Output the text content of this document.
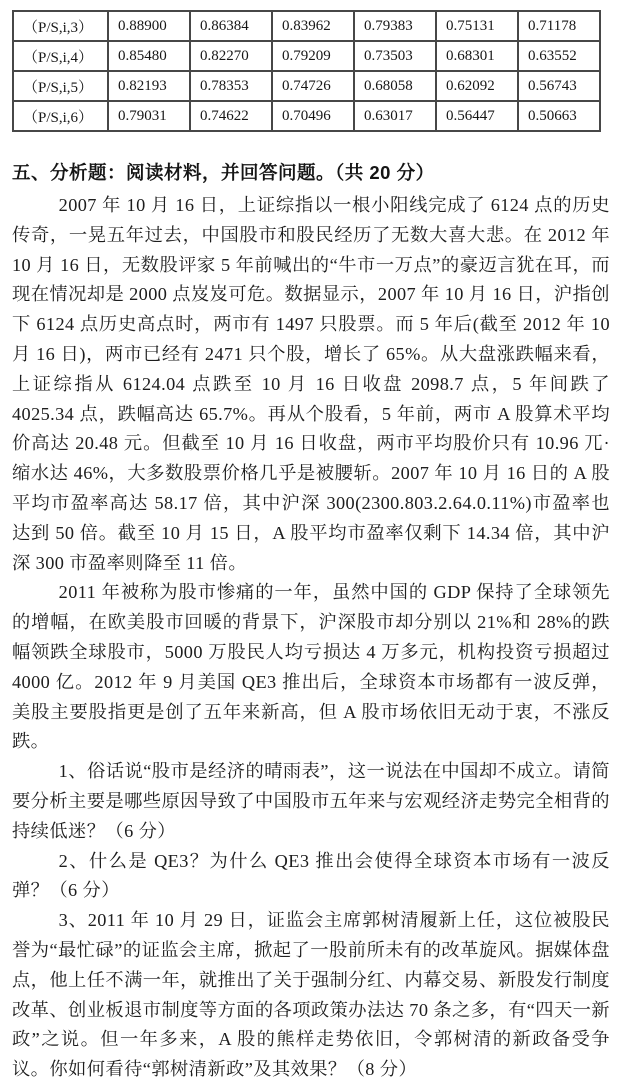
（P/S,i,3）	0.88900	0.86384	0.83962	0.79383	0.75131	0.71178
（P/S,i,4）	0.85480	0.82270	0.79209	0.73503	0.68301	0.63552
（P/S,i,5）	0.82193	0.78353	0.74726	0.68058	0.62092	0.56743
（P/S,i,6）	0.79031	0.74622	0.70496	0.63017	0.56447	0.50663
五、分析题：阅读材料，并回答问题。（共 20 分）

2007 年 10 月 16 日，上证综指以一根小阳线完成了 6124 点的历史传奇，一晃五年过去，中国股市和股民经历了无数大喜大悲。在 2012 年 10 月 16 日，无数股评家 5 年前喊出的“牛市一万点”的豪迈言犹在耳，而现在情况却是 2000 点岌岌可危。数据显示，2007 年 10 月 16 日，沪指创下 6124 点历史高点时，两市有 1497 只股票。而 5 年后(截至 2012 年 10 月 16 日)，两市已经有 2471 只个股，增长了 65%。从大盘涨跌幅来看，上证综指从 6124.04 点跌至 10 月 16 日收盘 2098.7 点，5 年间跌了 4025.34 点，跌幅高达 65.7%。再从个股看，5 年前，两市 A 股算术平均价高达 20.48 元。但截至 10 月 16 日收盘，两市平均股价只有 10.96 兀·缩水达 46%，大多数股票价格几乎是被腰斩。2007 年 10 月 16 日的 A 股平均市盈率高达 58.17 倍，其中沪深 300(2300.803.2.64.0.11%)市盈率也达到 50 倍。截至 10 月 15 日，A 股平均市盈率仅剩下 14.34 倍，其中沪深 300 市盈率则降至 11 倍。

2011 年被称为股市惨痛的一年，虽然中国的 GDP 保持了全球领先的增幅，在欧美股市回暖的背景下，沪深股市却分别以 21%和 28%的跌幅领跌全球股市，5000 万股民人均亏损达 4 万多元，机构投资亏损超过 4000 亿。2012 年 9 月美国 QE3 推出后，全球资本市场都有一波反弹，美股主要股指更是创了五年来新高，但 A 股市场依旧无动于衷，不涨反跌。

1、俗话说“股市是经济的晴雨表”，这一说法在中国却不成立。请简要分析主要是哪些原因导致了中国股市五年来与宏观经济走势完全相背的持续低迷？（6 分）

2、什么是 QE3？为什么 QE3 推出会使得全球资本市场有一波反弹？（6 分）

3、2011 年 10 月 29 日，证监会主席郭树清履新上任，这位被股民誉为“最忙碌”的证监会主席，掀起了一股前所未有的改革旋风。据媒体盘点，他上任不满一年，就推出了关于强制分红、内幕交易、新股发行制度改革、创业板退市制度等方面的各项政策办法达 70 条之多，有“四天一新政”之说。但一年多来，A 股的熊样走势依旧，令郭树清的新政备受争议。你如何看待“郭树清新政”及其效果？（8 分）
